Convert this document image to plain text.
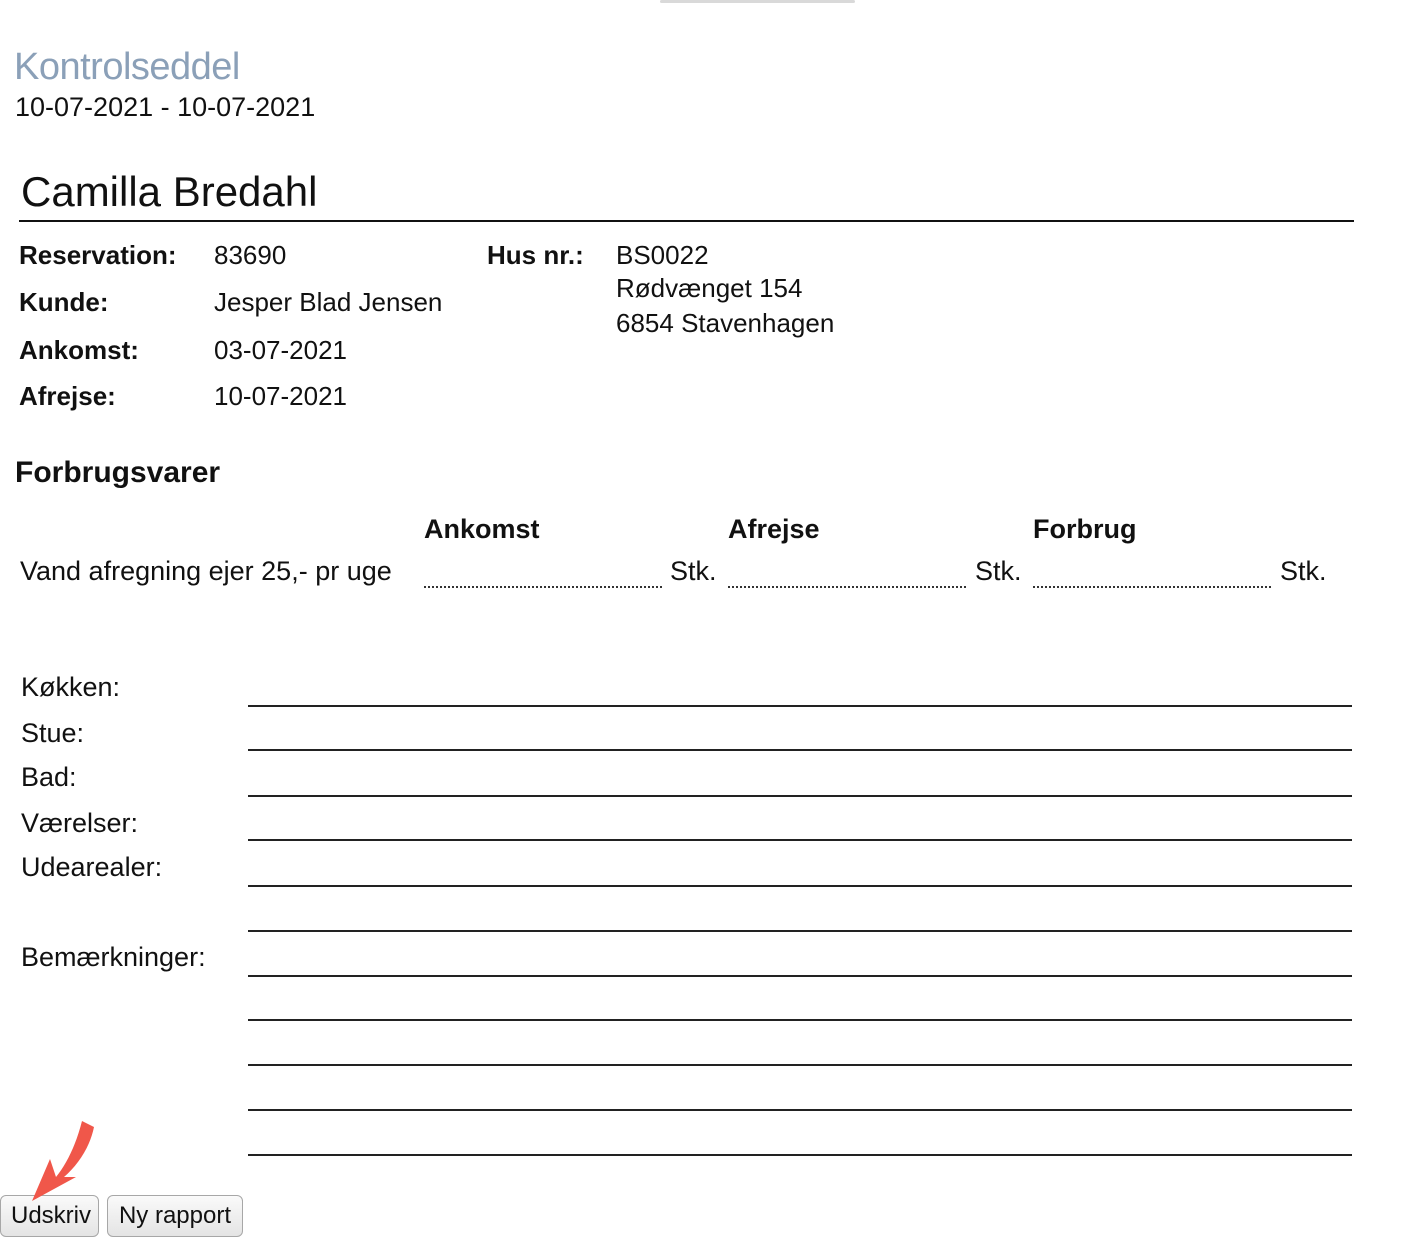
Kontrolseddel
10-07-2021 - 10-07-2021
Camilla Bredahl
Reservation: 83690
Kunde:	Jesper Blad Jensen
Ankomst:	03-07-2021
Afrejse:	10-07-2021
Hus nr.: BS0022
Rødvænget 154
6854 Stavenhagen
Forbrugsvarer
Ankomst	Afrejse	Forbrug
Vand afregning ejer 25,- pr uge	Stk.	Stk.	Stk.
Køkken:
Stue:
Bad:
Værelser:
Udearealer:
Bemærkninger:
Udskriv	Ny rapport
